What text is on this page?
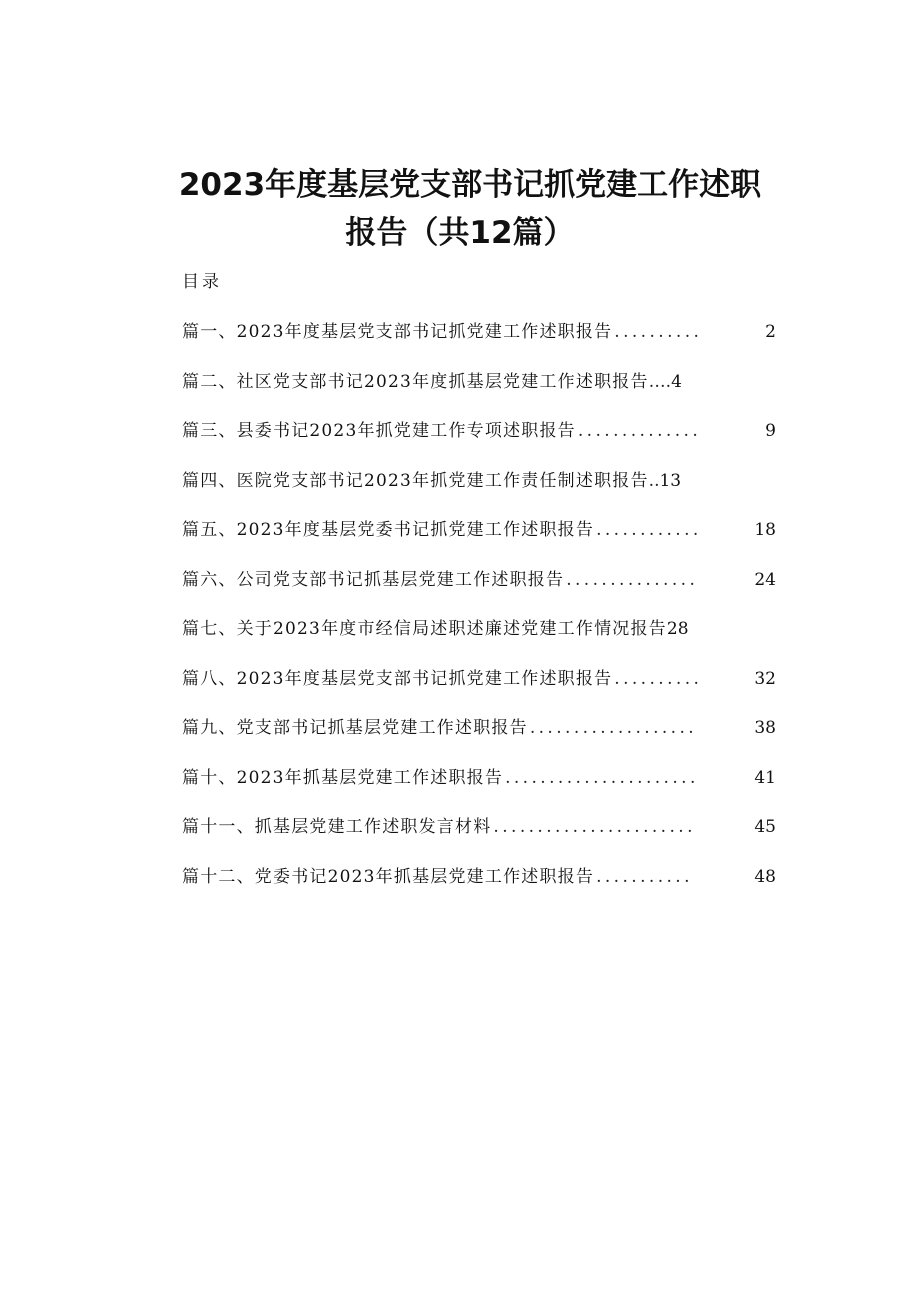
2023年度基层党支部书记抓党建工作述职
报告（共12篇）
目录
篇一、2023年度基层党支部书记抓党建工作述职报告 ..........	2
篇二、社区党支部书记2023年度抓基层党建工作述职报告 …. 4
篇三、县委书记2023年抓党建工作专项述职报告 ..............	9
篇四、医院党支部书记2023年抓党建工作责任制述职报告 .. 13
篇五、2023年度基层党委书记抓党建工作述职报告 ............	18
篇六、公司党支部书记抓基层党建工作述职报告 ...............	24
篇七、关于2023年度市经信局述职述廉述党建工作情况报告 28
篇八、2023年度基层党支部书记抓党建工作述职报告 ..........	32
篇九、党支部书记抓基层党建工作述职报告 ...................	38
篇十、2023年抓基层党建工作述职报告 ......................	41
篇十一、抓基层党建工作述职发言材料 .......................	45
篇十二、党委书记2023年抓基层党建工作述职报告 ...........	48
